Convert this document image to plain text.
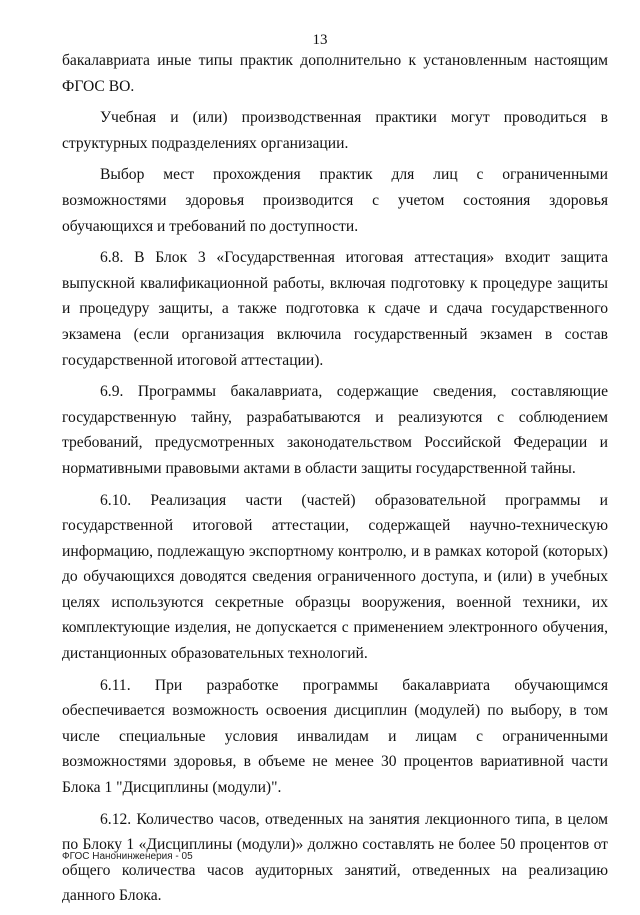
13

бакалавриата иные типы практик дополнительно к установленным настоящим ФГОС ВО.

Учебная и (или) производственная практики могут проводиться в структурных подразделениях организации.

Выбор мест прохождения практик для лиц с ограниченными возможностями здоровья производится с учетом состояния здоровья обучающихся и требований по доступности.

6.8. В Блок 3 «Государственная итоговая аттестация» входит защита выпускной квалификационной работы, включая подготовку к процедуре защиты и процедуру защиты, а также подготовка к сдаче и сдача государственного экзамена (если организация включила государственный экзамен в состав государственной итоговой аттестации).

6.9. Программы бакалавриата, содержащие сведения, составляющие государственную тайну, разрабатываются и реализуются с соблюдением требований, предусмотренных законодательством Российской Федерации и нормативными правовыми актами в области защиты государственной тайны.

6.10. Реализация части (частей) образовательной программы и государственной итоговой аттестации, содержащей научно-техническую информацию, подлежащую экспортному контролю, и в рамках которой (которых) до обучающихся доводятся сведения ограниченного доступа, и (или) в учебных целях используются секретные образцы вооружения, военной техники, их комплектующие изделия, не допускается с применением электронного обучения, дистанционных образовательных технологий.

6.11. При разработке программы бакалавриата обучающимся обеспечивается возможность освоения дисциплин (модулей) по выбору, в том числе специальные условия инвалидам и лицам с ограниченными возможностями здоровья, в объеме не менее 30 процентов вариативной части Блока 1 "Дисциплины (модули)".

6.12. Количество часов, отведенных на занятия лекционного типа, в целом по Блоку 1 «Дисциплины (модули)» должно составлять не более 50 процентов от общего количества часов аудиторных занятий, отведенных на реализацию данного Блока.

ФГОС Нанонинженерия - 05
